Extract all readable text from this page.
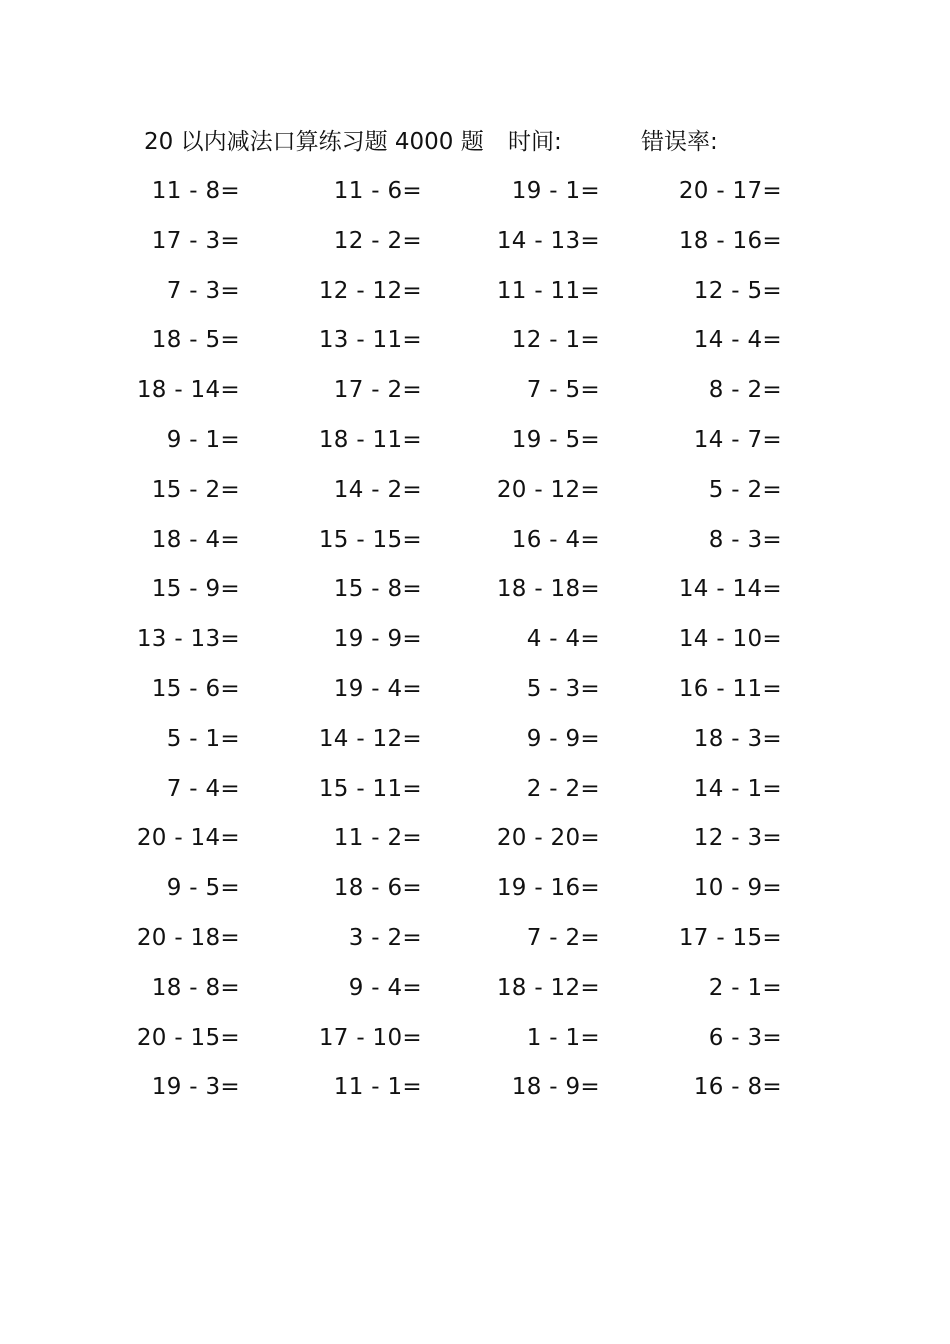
20 以内减法口算练习题 4000 题 时间:	错误率:
11 - 8=	11 - 6=	19 - 1=	20 - 17=
17 - 3=	12 - 2=	14 - 13=	18 - 16=
7 - 3=	12 - 12=	11 - 11=	12 - 5=
18 - 5=	13 - 11=	12 - 1=	14 - 4=
18 - 14=	17 - 2=	7 - 5=	8 - 2=
9 - 1=	18 - 11=	19 - 5=	14 - 7=
15 - 2=	14 - 2=	20 - 12=	5 - 2=
18 - 4=	15 - 15=	16 - 4=	8 - 3=
15 - 9=	15 - 8=	18 - 18=	14 - 14=
13 - 13=	19 - 9=	4 - 4=	14 - 10=
15 - 6=	19 - 4=	5 - 3=	16 - 11=
5 - 1=	14 - 12=	9 - 9=	18 - 3=
7 - 4=	15 - 11=	2 - 2=	14 - 1=
20 - 14=	11 - 2=	20 - 20=	12 - 3=
9 - 5=	18 - 6=	19 - 16=	10 - 9=
20 - 18=	3 - 2=	7 - 2=	17 - 15=
18 - 8=	9 - 4=	18 - 12=	2 - 1=
20 - 15=	17 - 10=	1 - 1=	6 - 3=
19 - 3=	11 - 1=	18 - 9=	16 - 8=
